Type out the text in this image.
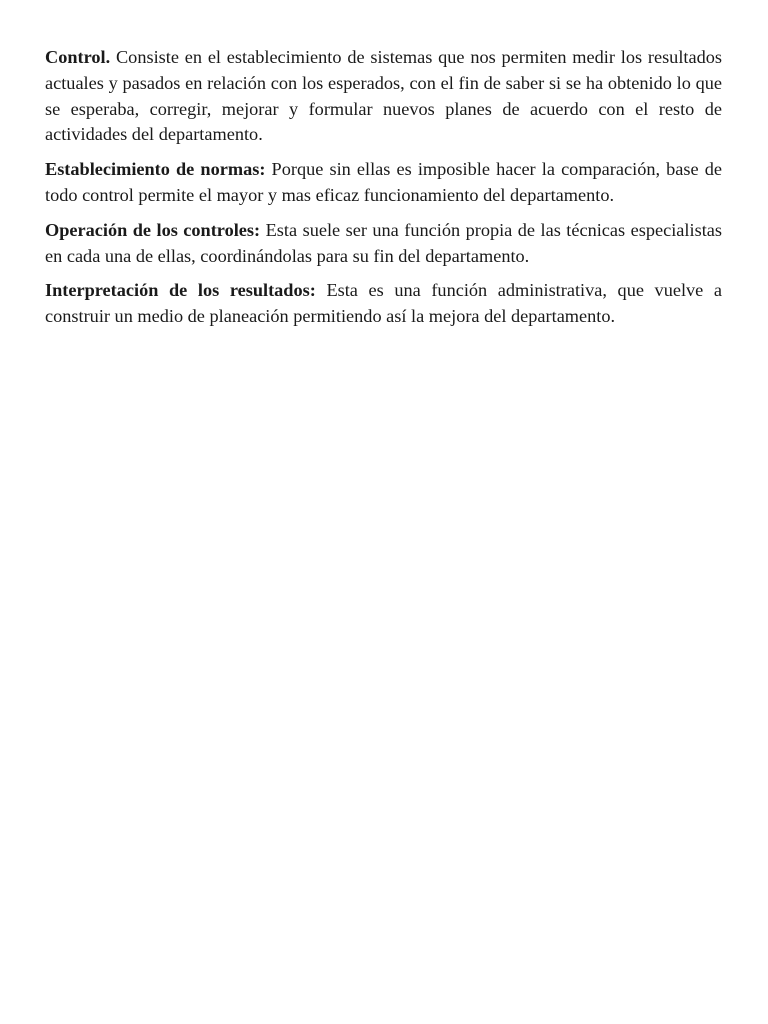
Control. Consiste en el establecimiento de sistemas que nos permiten medir los resultados actuales y pasados en relación con los esperados, con el fin de saber si se ha obtenido lo que se esperaba, corregir, mejorar y formular nuevos planes de acuerdo con el resto de actividades del departamento.

Establecimiento de normas: Porque sin ellas es imposible hacer la comparación, base de todo control permite el mayor y mas eficaz funcionamiento del departamento.

Operación de los controles: Esta suele ser una función propia de las técnicas especialistas en cada una de ellas, coordinándolas para su fin del departamento.

Interpretación de los resultados: Esta es una función administrativa, que vuelve a construir un medio de planeación permitiendo así la mejora del departamento.
